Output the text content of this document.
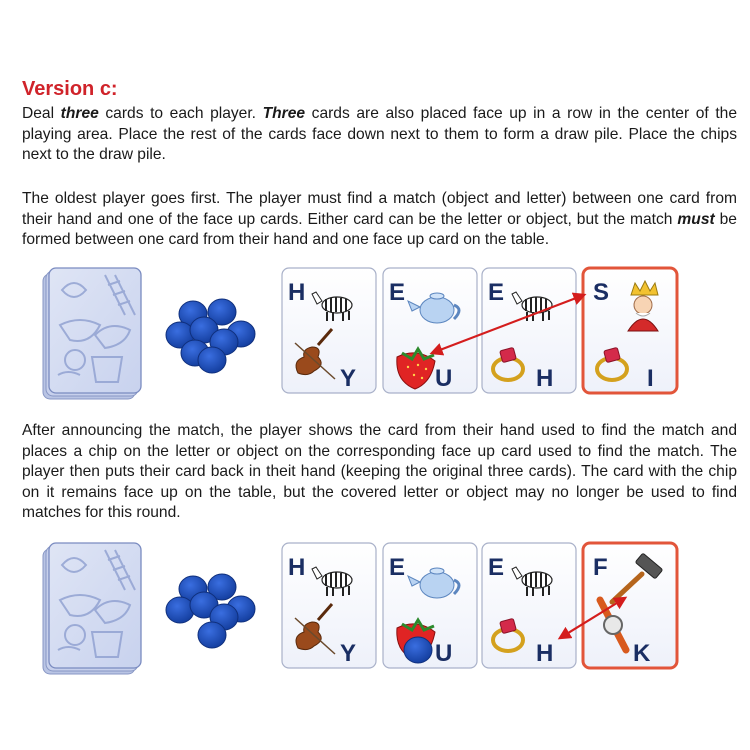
Version c:

Deal three cards to each player. Three cards are also placed face up in a row in the center of the playing area. Place the rest of the cards face down next to them to form a draw pile. Place the chips next to the draw pile.

The oldest player goes first. The player must find a match (object and letter) between one card from their hand and one of the face up cards. Either card can be the letter or object, but the match must be formed between one card from their hand and one face up card on the table.

After announcing the match, the player shows the card from their hand used to find the match and places a chip on the letter or object on the corresponding face up card used to find the match. The player then puts their card back in theit hand (keeping the original three cards). The card with the chip on it remains face up on the table, but the covered letter or object may no longer be used to find matches for this round.

H
Y
E
U
E
H
S
I
H
Y
E
U
E
H
F
K
